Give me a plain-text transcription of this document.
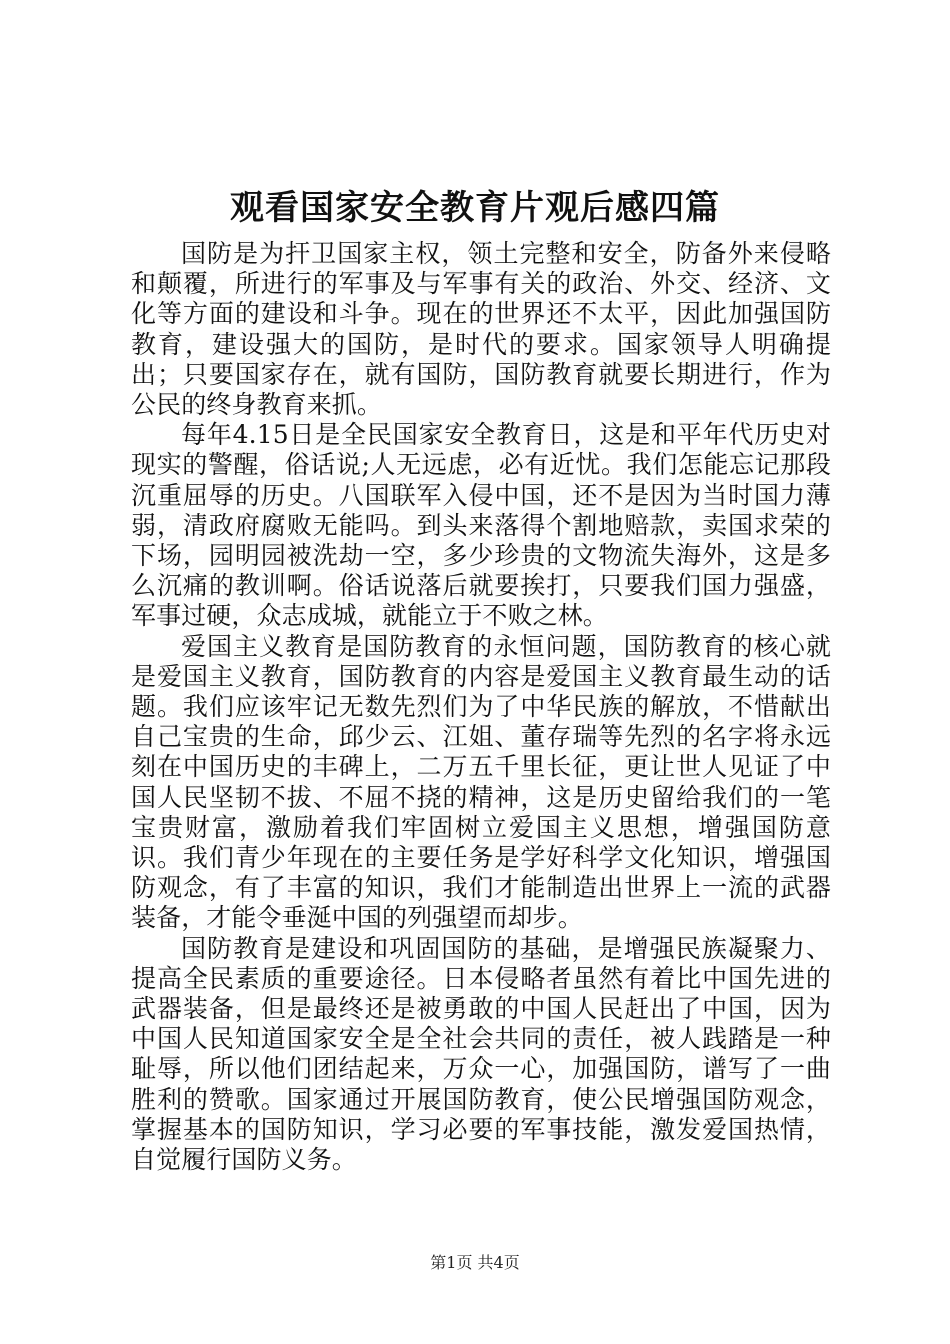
观看国家安全教育片观后感四篇

国防是为扞卫国家主权，领土完整和安全，防备外来侵略和颠覆，所进行的军事及与军事有关的政治、外交、经济、文化等方面的建设和斗争。现在的世界还不太平，因此加强国防教育，建设强大的国防，是时代的要求。国家领导人明确提出；只要国家存在，就有国防，国防教育就要长期进行，作为公民的终身教育来抓。

每年4.15日是全民国家安全教育日，这是和平年代历史对现实的警醒，俗话说;人无远虑，必有近忧。我们怎能忘记那段沉重屈辱的历史。八国联军入侵中国，还不是因为当时国力薄弱，清政府腐败无能吗。到头来落得个割地赔款，卖国求荣的下场，园明园被洗劫一空，多少珍贵的文物流失海外，这是多么沉痛的教训啊。俗话说落后就要挨打，只要我们国力强盛，军事过硬，众志成城，就能立于不败之林。

爱国主义教育是国防教育的永恒问题，国防教育的核心就是爱国主义教育，国防教育的内容是爱国主义教育最生动的话题。我们应该牢记无数先烈们为了中华民族的解放，不惜献出自己宝贵的生命，邱少云、江姐、董存瑞等先烈的名字将永远刻在中国历史的丰碑上，二万五千里长征，更让世人见证了中国人民坚韧不拔、不屈不挠的精神，这是历史留给我们的一笔宝贵财富，激励着我们牢固树立爱国主义思想，增强国防意识。我们青少年现在的主要任务是学好科学文化知识，增强国防观念，有了丰富的知识，我们才能制造出世界上一流的武器装备，才能令垂涎中国的列强望而却步。

国防教育是建设和巩固国防的基础，是增强民族凝聚力、提高全民素质的重要途径。日本侵略者虽然有着比中国先进的武器装备，但是最终还是被勇敢的中国人民赶出了中国，因为中国人民知道国家安全是全社会共同的责任，被人践踏是一种耻辱，所以他们团结起来，万众一心，加强国防，谱写了一曲胜利的赞歌。国家通过开展国防教育，使公民增强国防观念，掌握基本的国防知识，学习必要的军事技能，激发爱国热情，自觉履行国防义务。

第1页 共4页
